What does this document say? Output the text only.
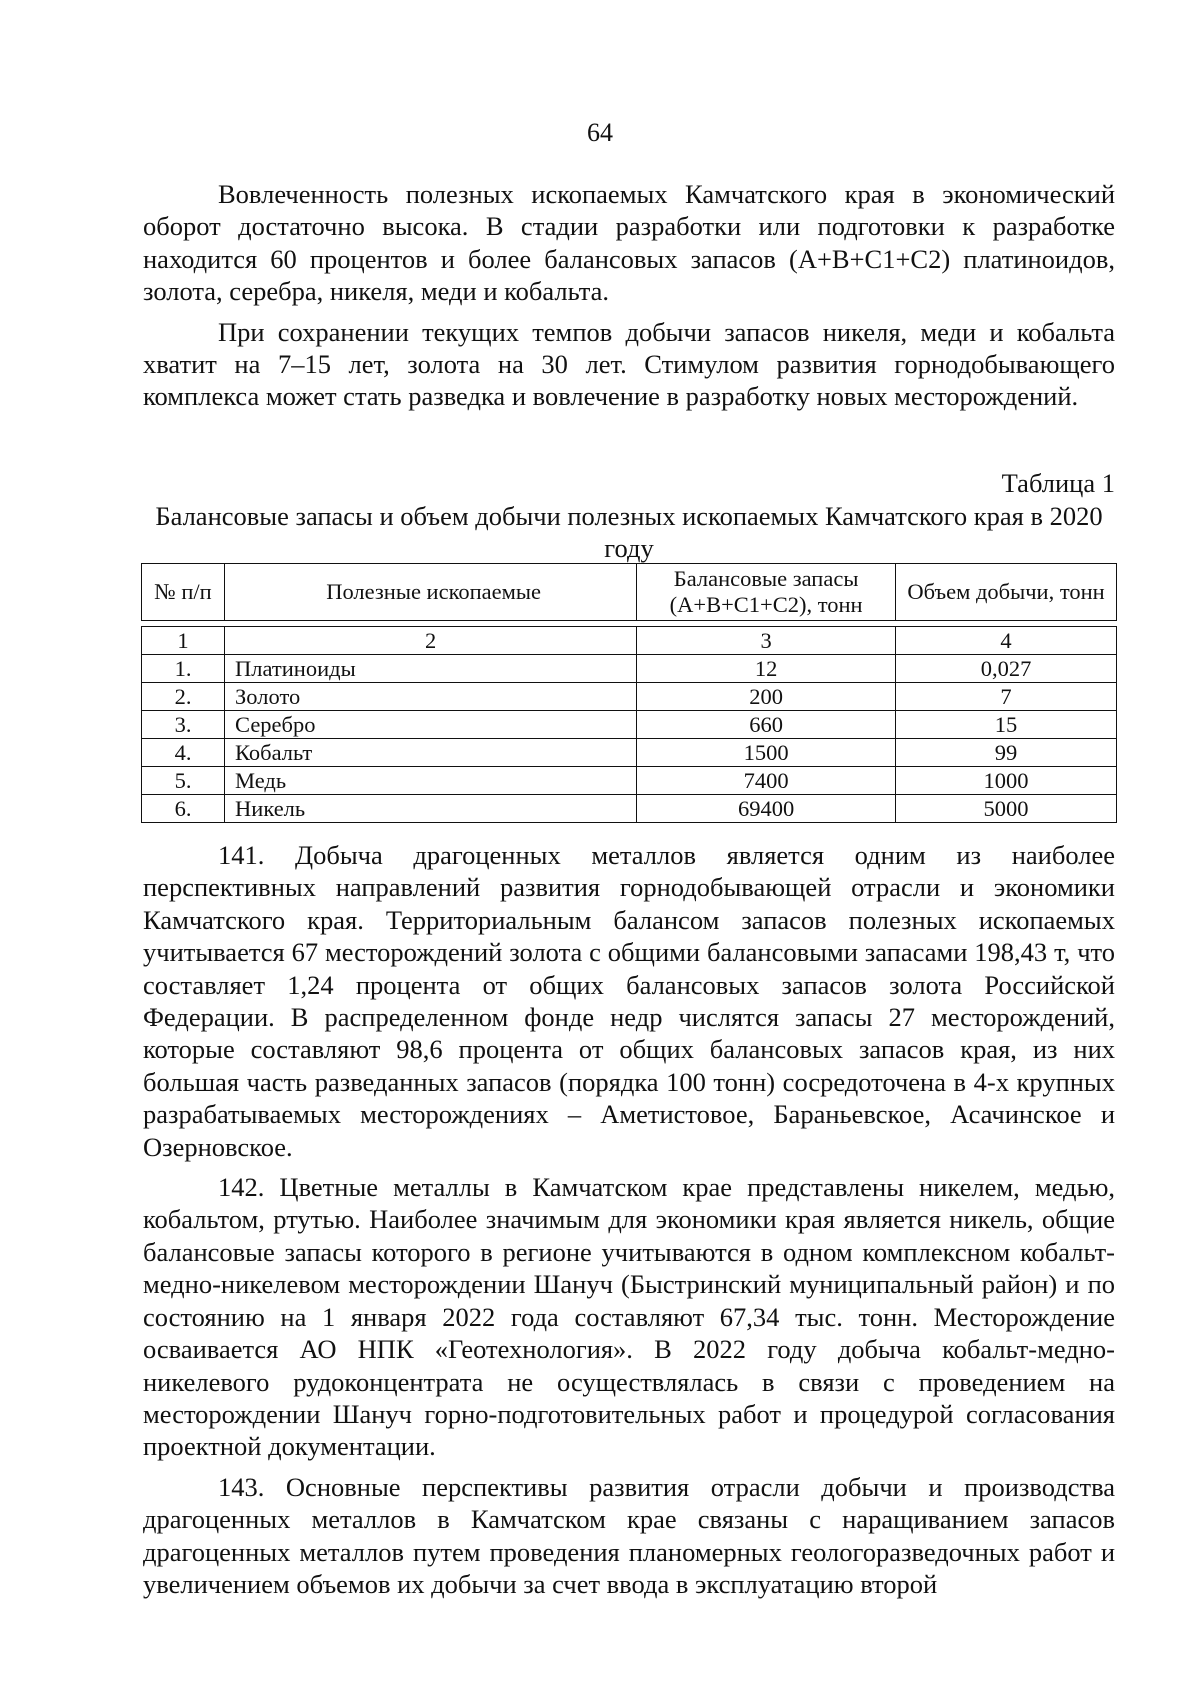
64

Вовлеченность полезных ископаемых Камчатского края в экономический оборот достаточно высока. В стадии разработки или подготовки к разработке находится 60 процентов и более балансовых запасов (А+В+С1+С2) платиноидов, золота, серебра, никеля, меди и кобальта.

При сохранении текущих темпов добычи запасов никеля, меди и кобальта хватит на 7–15 лет, золота на 30 лет. Стимулом развития горнодобывающего комплекса может стать разведка и вовлечение в разработку новых месторождений.

Таблица 1
Балансовые запасы и объем добычи полезных ископаемых Камчатского края в 2020 году
№ п/п	Полезные ископаемые	Балансовые запасы (А+В+С1+С2), тонн	Объем добычи, тонн

1	2	3	4
1.	Платиноиды	12	0,027
2.	Золото	200	7
3.	Серебро	660	15
4.	Кобальт	1500	99
5.	Медь	7400	1000
6.	Никель	69400	5000

141. Добыча драгоценных металлов является одним из наиболее перспективных направлений развития горнодобывающей отрасли и экономики Камчатского края. Территориальным балансом запасов полезных ископаемых учитывается 67 месторождений золота с общими балансовыми запасами 198,43 т, что составляет 1,24 процента от общих балансовых запасов золота Российской Федерации. В распределенном фонде недр числятся запасы 27 месторождений, которые составляют 98,6 процента от общих балансовых запасов края, из них большая часть разведанных запасов (порядка 100 тонн) сосредоточена в 4-х крупных разрабатываемых месторождениях – Аметистовое, Бараньевское, Асачинское и Озерновское.

142. Цветные металлы в Камчатском крае представлены никелем, медью, кобальтом, ртутью. Наиболее значимым для экономики края является никель, общие балансовые запасы которого в регионе учитываются в одном комплексном кобальт-медно-никелевом месторождении Шануч (Быстринский муниципальный район) и по состоянию на 1 января 2022 года составляют 67,34 тыс. тонн. Месторождение осваивается АО НПК «Геотехнология». В 2022 году добыча кобальт-медно-никелевого рудоконцентрата не осуществлялась в связи с проведением на месторождении Шануч горно-подготовительных работ и процедурой согласования проектной документации.

143. Основные перспективы развития отрасли добычи и производства драгоценных металлов в Камчатском крае связаны с наращиванием запасов драгоценных металлов путем проведения планомерных геологоразведочных работ и увеличением объемов их добычи за счет ввода в эксплуатацию второй
